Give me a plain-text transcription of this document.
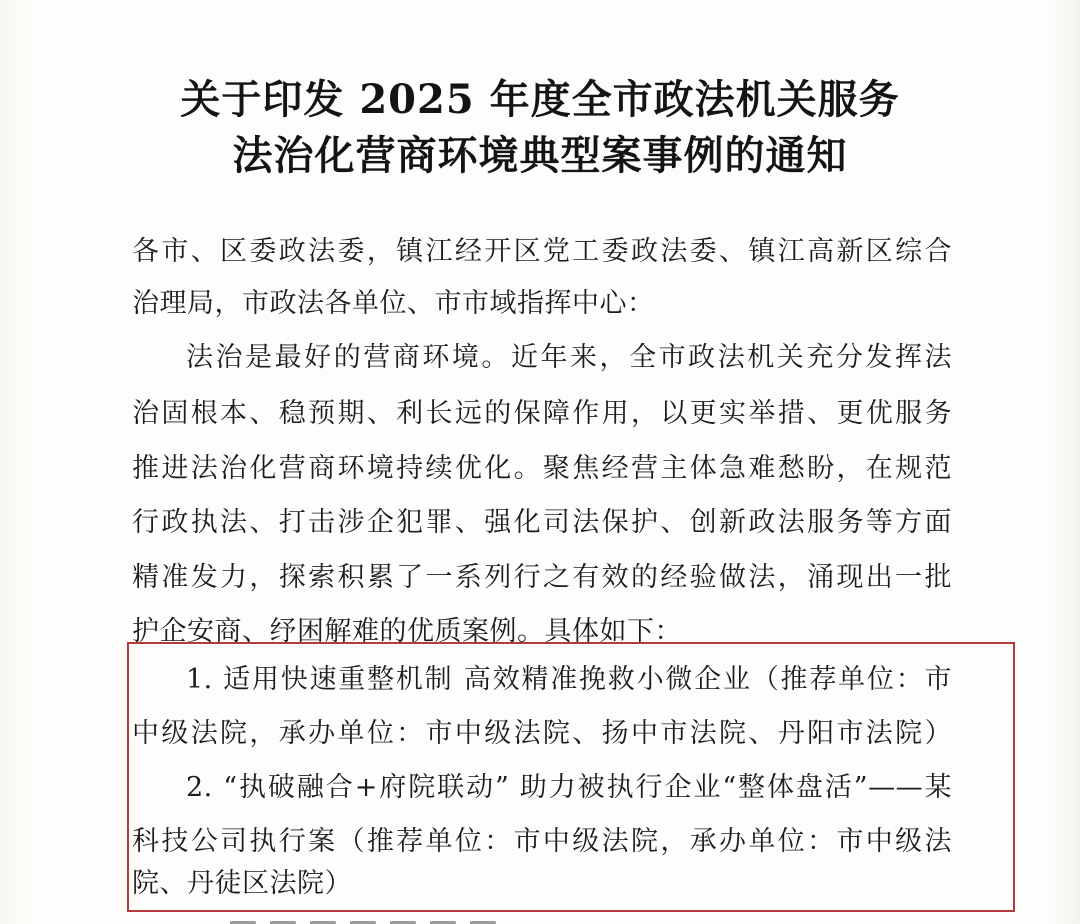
关于印发 2025 年度全市政法机关服务
法治化营商环境典型案事例的通知
各市、区委政法委，镇江经开区党工委政法委、镇江高新区综合
治理局，市政法各单位、市市域指挥中心：
法治是最好的营商环境。近年来，全市政法机关充分发挥法
治固根本、稳预期、利长远的保障作用，以更实举措、更优服务
推进法治化营商环境持续优化。聚焦经营主体急难愁盼，在规范
行政执法、打击涉企犯罪、强化司法保护、创新政法服务等方面
精准发力，探索积累了一系列行之有效的经验做法，涌现出一批
护企安商、纾困解难的优质案例。具体如下：
1. 适用快速重整机制 高效精准挽救小微企业（推荐单位：市
中级法院，承办单位：市中级法院、扬中市法院、丹阳市法院）
2. “执破融合+府院联动” 助力被执行企业“整体盘活”——某
科技公司执行案（推荐单位：市中级法院，承办单位：市中级法
院、丹徒区法院）
